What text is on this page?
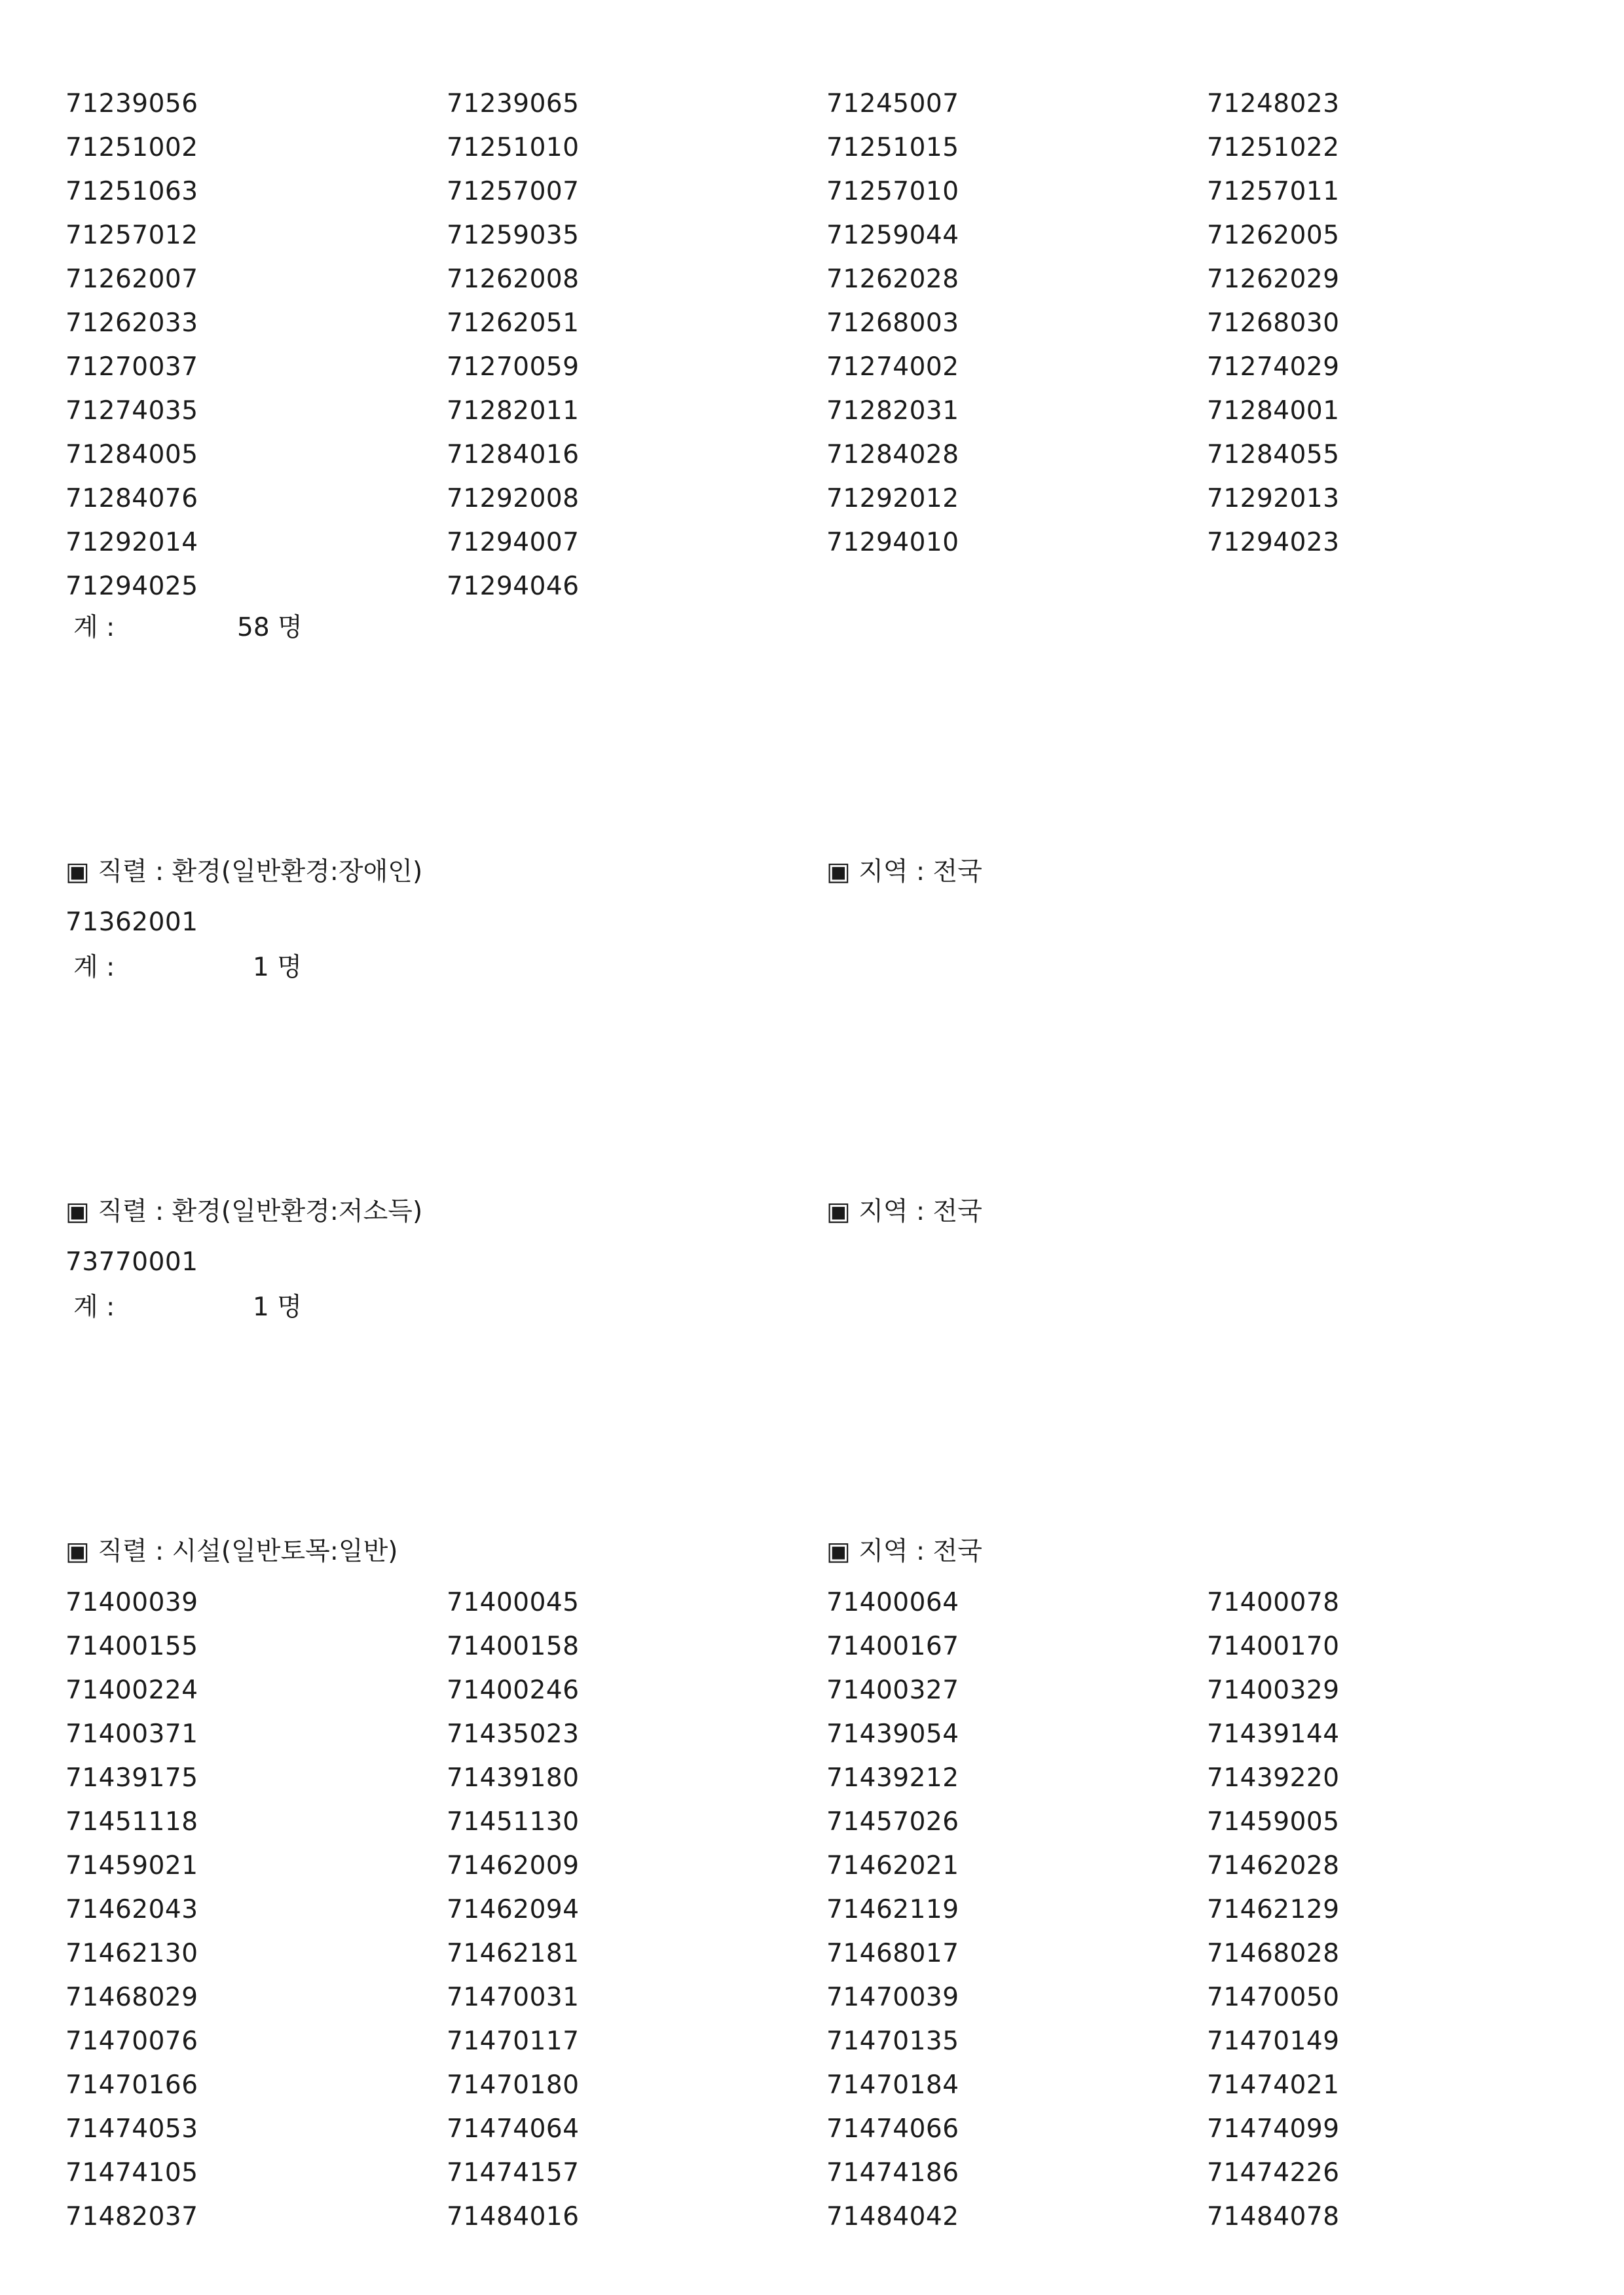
계 :	58 명
▣ 직렬 : 환경(일반환경:장애인)	▣ 지역 : 전국
계 :	1 명
▣ 직렬 : 환경(일반환경:저소득)	▣ 지역 : 전국
계 :	1 명
▣ 직렬 : 시설(일반토목:일반)	▣ 지역 : 전국
71239056	71239065	71245007	71248023
71251002	71251010	71251015	71251022
71251063	71257007	71257010	71257011
71257012	71259035	71259044	71262005
71262007	71262008	71262028	71262029
71262033	71262051	71268003	71268030
71270037	71270059	71274002	71274029
71274035	71282011	71282031	71284001
71284005	71284016	71284028	71284055
71284076	71292008	71292012	71292013
71292014	71294007	71294010	71294023
71294025	71294046
71362001
73770001
71400039	71400045	71400064	71400078
71400155	71400158	71400167	71400170
71400224	71400246	71400327	71400329
71400371	71435023	71439054	71439144
71439175	71439180	71439212	71439220
71451118	71451130	71457026	71459005
71459021	71462009	71462021	71462028
71462043	71462094	71462119	71462129
71462130	71462181	71468017	71468028
71468029	71470031	71470039	71470050
71470076	71470117	71470135	71470149
71470166	71470180	71470184	71474021
71474053	71474064	71474066	71474099
71474105	71474157	71474186	71474226
71482037	71484016	71484042	71484078
